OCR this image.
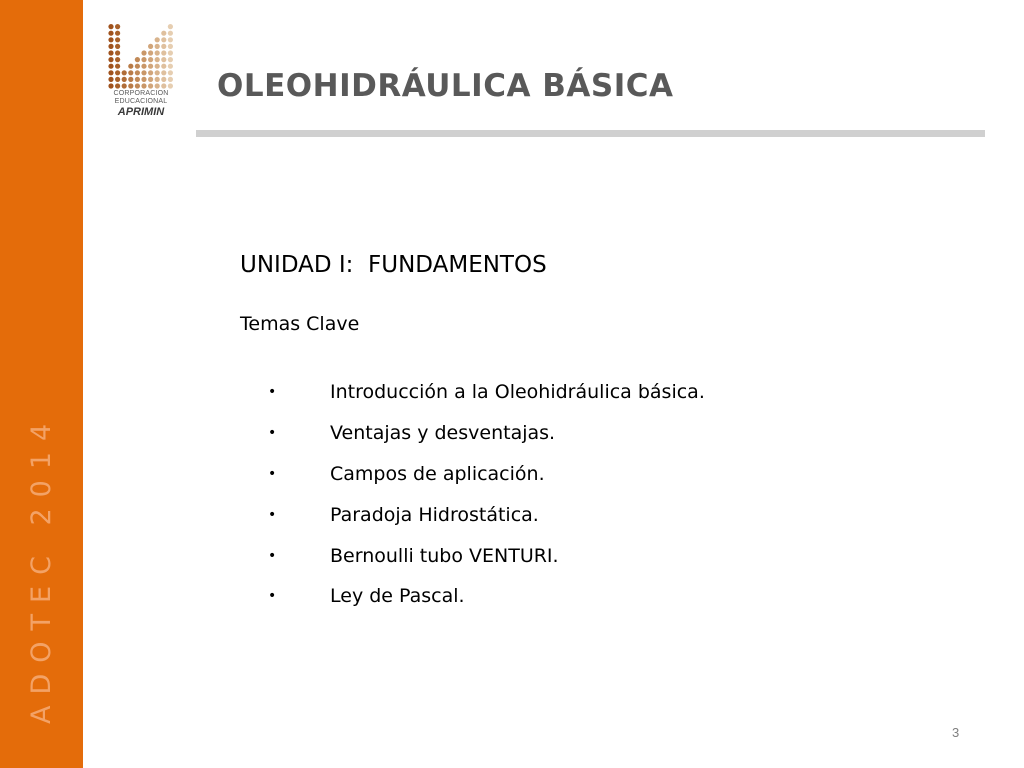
ADOTEC 2014
CORPORACION
EDUCACIONAL
APRIMIN
OLEOHIDRÁULICA BÁSICA
UNIDAD I:  FUNDAMENTOS
Temas Clave
•	Introducción a la Oleohidráulica básica.
•	Ventajas y desventajas.
•	Campos de aplicación.
•	Paradoja Hidrostática.
•	Bernoulli tubo VENTURI.
•	Ley de Pascal.
3
